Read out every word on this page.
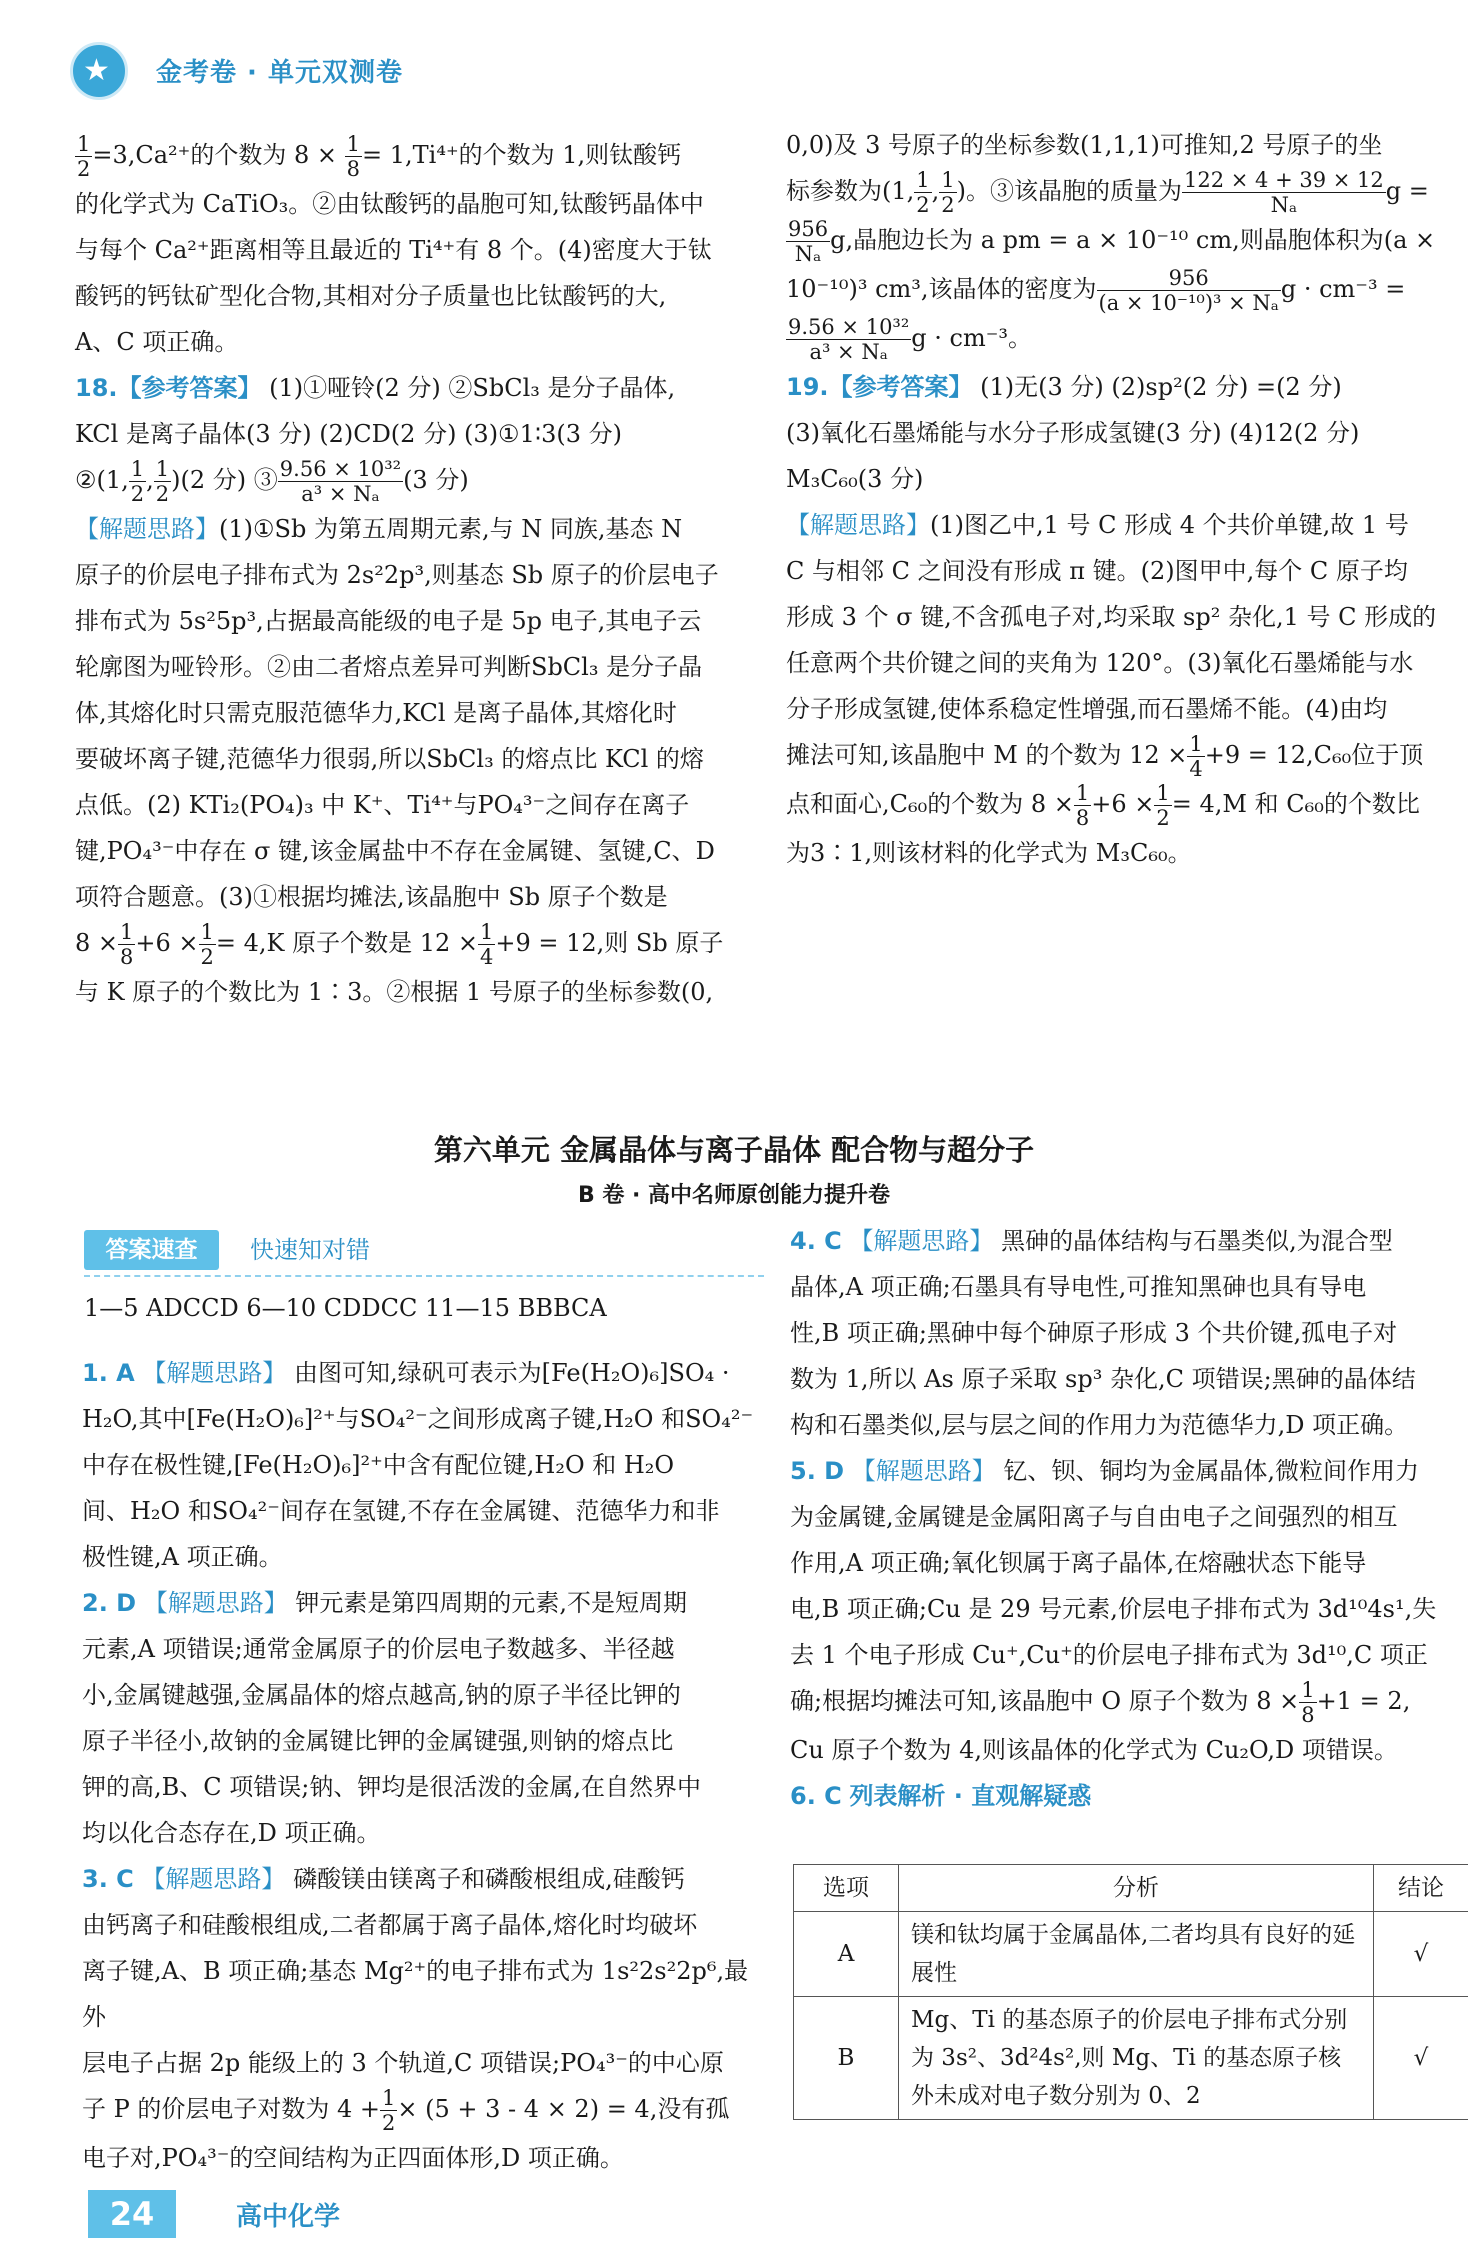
★ 金考卷 · 单元双测卷

$\frac{1}{2} =3,Ca^{2+}$的个数为 $8 \times \frac{1}{8} = 1,Ti^{4+}$的个数为 1,则钛酸钙

的化学式为 CaTiO₃。②由钛酸钙的晶胞可知,钛酸钙晶体中

与每个 Ca²⁺距离相等且最近的 Ti⁴⁺有 8 个。(4)密度大于钛

酸钙的钙钛矿型化合物,其相对分子质量也比钛酸钙的大,

A、C 项正确。

18.【参考答案】 (1)①哑铃(2 分) ②SbCl₃ 是分子晶体,

KCl 是离子晶体(3 分) (2)CD(2 分) (3)①1∶3(3 分)

②(1, $\frac{1}{2}$ , $\frac{1}{2} )(2$ 分) ③ $\frac{\text{9.56 × 10³²}}{\text{a³ × Nₐ}} (3$ 分)

【解题思路】(1)①Sb 为第五周期元素,与 N 同族,基态 N

原子的价层电子排布式为 2s²2p³,则基态 Sb 原子的价层电子

排布式为 5s²5p³,占据最高能级的电子是 5p 电子,其电子云

轮廓图为哑铃形。②由二者熔点差异可判断SbCl₃ 是分子晶

体,其熔化时只需克服范德华力,KCl 是离子晶体,其熔化时

要破坏离子键,范德华力很弱,所以SbCl₃ 的熔点比 KCl 的熔

点低。(2) KTi₂(PO₄)₃ 中 K⁺、Ti⁴⁺与PO₄³⁻之间存在离子

键,PO₄³⁻中存在 σ 键,该金属盐中不存在金属键、氢键,C、D

项符合题意。(3)①根据均摊法,该晶胞中 Sb 原子个数是

$8 \times \frac{1}{8} +6 \times \frac{1}{2} = 4,K$ 原子个数是 $12 \times \frac{1}{4} +9 = 12$,则 Sb 原子

与 K 原子的个数比为 1∶3。②根据 1 号原子的坐标参数(0,

0,0)及 3 号原子的坐标参数(1,1,1)可推知,2 号原子的坐

标参数为(1, $\frac{1}{2}$ , $\frac{1}{2}$ )。③该晶胞的质量为 $\frac{122 \times 4 + 39 \times 12}{\text{Nₐ}}$ g =

$\frac{956}{\text{Nₐ}} g$,晶胞边长为 a pm = a × 10⁻¹⁰ cm,则晶胞体积为(a ×

10⁻¹⁰)³ cm³,该晶体的密度为 $\frac{956}{\text{(a × 10⁻¹⁰)³ × Nₐ}}$ g · cm⁻³ =

$\frac{\text{9.56 × 10³²}}{\text{a³ × Nₐ}}$ g · cm⁻³。

19.【参考答案】 (1)无(3 分) (2)sp²(2 分) =(2 分)

(3)氧化石墨烯能与水分子形成氢键(3 分) (4)12(2 分)

M₃C₆₀(3 分)

【解题思路】(1)图乙中,1 号 C 形成 4 个共价单键,故 1 号

C 与相邻 C 之间没有形成 π 键。(2)图甲中,每个 C 原子均

形成 3 个 σ 键,不含孤电子对,均采取 sp² 杂化,1 号 C 形成的

任意两个共价键之间的夹角为 120°。(3)氧化石墨烯能与水

分子形成氢键,使体系稳定性增强,而石墨烯不能。(4)由均

摊法可知,该晶胞中 M 的个数为 $12 \times \frac{1}{4} +9 = 12,C_{60}$位于顶

点和面心,C₆₀的个数为 $8 \times \frac{1}{8} +6 \times \frac{1}{2} = 4,M$ 和 C₆₀的个数比

为3∶1,则该材料的化学式为 M₃C₆₀。

第六单元 金属晶体与离子晶体 配合物与超分子
B 卷 · 高中名师原创能力提升卷
答案速查	快速知对错
1—5 ADCCD 6—10 CDDCC 11—15 BBBCA

1. A 【解题思路】 由图可知,绿矾可表示为[Fe(H₂O)₆]SO₄ ·

H₂O,其中[Fe(H₂O)₆]²⁺与SO₄²⁻之间形成离子键,H₂O 和SO₄²⁻

中存在极性键,[Fe(H₂O)₆]²⁺中含有配位键,H₂O 和 H₂O

间、H₂O 和SO₄²⁻间存在氢键,不存在金属键、范德华力和非

极性键,A 项正确。

2. D 【解题思路】 钾元素是第四周期的元素,不是短周期

元素,A 项错误;通常金属原子的价层电子数越多、半径越

小,金属键越强,金属晶体的熔点越高,钠的原子半径比钾的

原子半径小,故钠的金属键比钾的金属键强,则钠的熔点比

钾的高,B、C 项错误;钠、钾均是很活泼的金属,在自然界中

均以化合态存在,D 项正确。

3. C 【解题思路】 磷酸镁由镁离子和磷酸根组成,硅酸钙

由钙离子和硅酸根组成,二者都属于离子晶体,熔化时均破坏

离子键,A、B 项正确;基态 Mg²⁺的电子排布式为 1s²2s²2p⁶,最外

层电子占据 2p 能级上的 3 个轨道,C 项错误;PO₄³⁻的中心原

子 P 的价层电子对数为 $4 + \frac{1}{2} \times (5 + 3 - 4 \times 2) = 4$,没有孤

电子对,PO₄³⁻的空间结构为正四面体形,D 项正确。

4. C 【解题思路】 黑砷的晶体结构与石墨类似,为混合型

晶体,A 项正确;石墨具有导电性,可推知黑砷也具有导电

性,B 项正确;黑砷中每个砷原子形成 3 个共价键,孤电子对

数为 1,所以 As 原子采取 sp³ 杂化,C 项错误;黑砷的晶体结

构和石墨类似,层与层之间的作用力为范德华力,D 项正确。

5. D 【解题思路】 钇、钡、铜均为金属晶体,微粒间作用力

为金属键,金属键是金属阳离子与自由电子之间强烈的相互

作用,A 项正确;氧化钡属于离子晶体,在熔融状态下能导

电,B 项正确;Cu 是 29 号元素,价层电子排布式为 3d¹⁰4s¹,失

去 1 个电子形成 Cu⁺,Cu⁺的价层电子排布式为 3d¹⁰,C 项正

确;根据均摊法可知,该晶胞中 O 原子个数为 $8 \times \frac{1}{8} +1 = 2$,

Cu 原子个数为 4,则该晶体的化学式为 Cu₂O,D 项错误。

6. C 列表解析 · 直观解疑惑

选项	分析	结论
A	镁和钛均属于金属晶体,二者均具有良好的延展性	√
B	Mg、Ti 的基态原子的价层电子排布式分别为 3s²、3d²4s²,则 Mg、Ti 的基态原子核外未成对电子数分别为 0、2	√
24	高中化学
